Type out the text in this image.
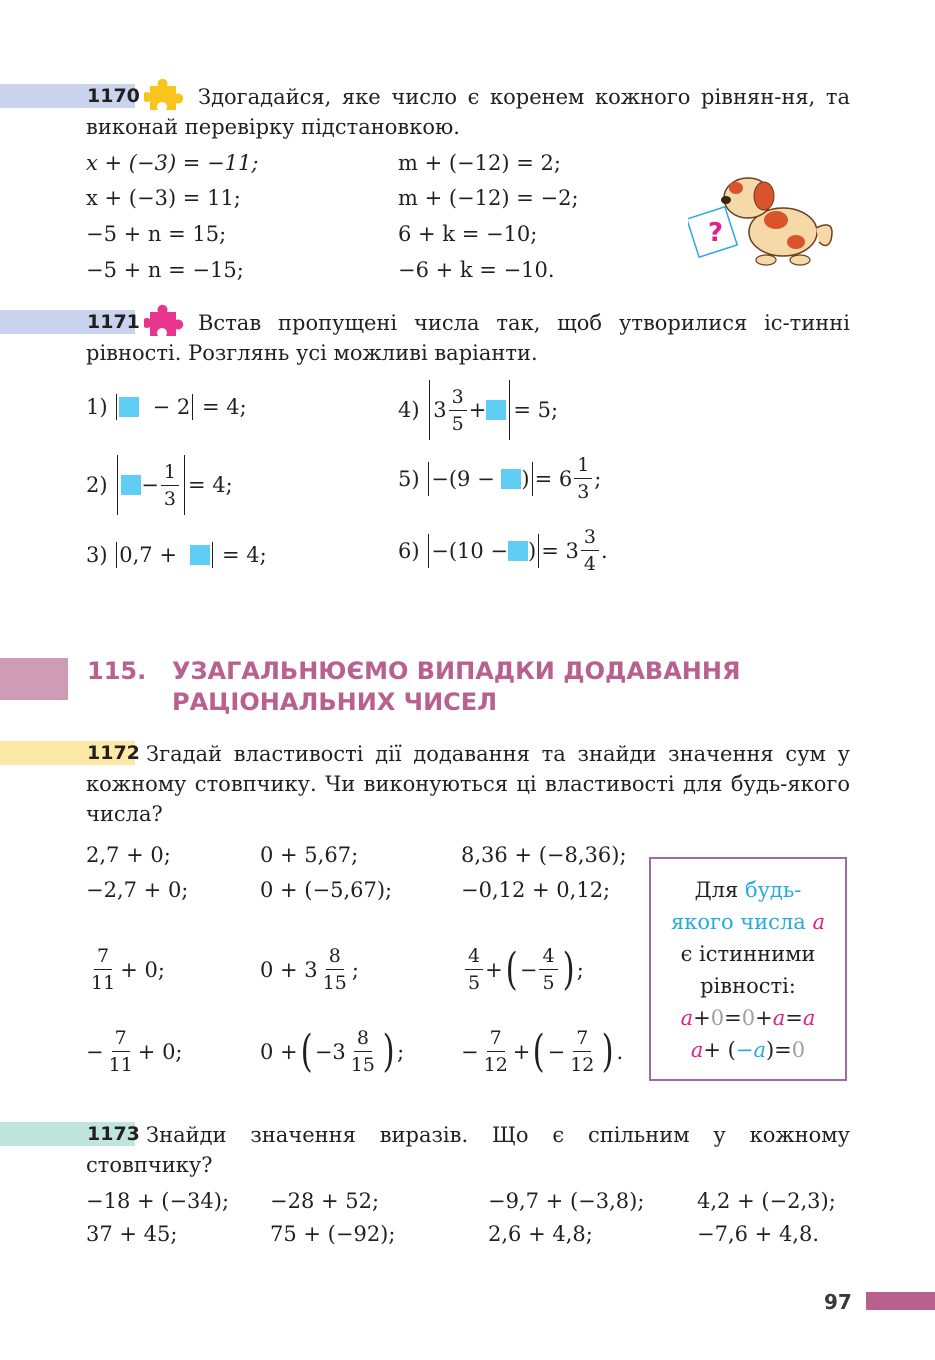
1170	Здогадайся, яке число є коренем кожного рівнян-ня, та виконай перевірку підстановкою.
x + (−3) = −11;	m + (−12) = 2;
x + (−3) = 11;	m + (−12) = −2;
−5 + n = 15;	6 + k = −10;
−5 + n = −15;	−6 + k = −10.
?
1171	Встав пропущені числа так, щоб утворилися іс-тинні рівності. Розглянь усі можливі варіанти.
1)

− 2
= 4;
2)
− $\frac{1}{3} = 4$;
3)
0,7 +

= 4;
4)
$3 \frac{3}{5}$ + = 5;
5)
−(9 −
) = $6 \frac{1}{3}$ ;
6)
−(10 − ) = $3 \frac{3}{4}$ .
115. УЗАГАЛЬНЮЄМО ВИПАДКИ ДОДАВАННЯ
РАЦІОНАЛЬНИХ ЧИСЕЛ
1172 Згадай властивості дії додавання та знайди значення сум у кожному стовпчику. Чи виконуються ці властивості для будь-якого числа?
2,7 + 0;	0 + 5,67;	8,36 + (−8,36);
−2,7 + 0;	0 + (−5,67);	−0,12 + 0,12;
$\frac{7}{11} + 0$;	$0 + 3 \frac{8}{15}$ ;	$\frac{4}{5}$ + ( − $\frac{4}{5}$ ) ;
− $\frac{7}{11} + 0$;	0 + ( $-3 \frac{8}{15}$ ) ;	− $\frac{7}{12}$ + ( − $\frac{7}{12}$ ) .
Для будь-
якого числа a
є істинними
рівності:
a+0=0+a=a
a+ (−a)=0
1173 Знайди значення виразів. Що є спільним у кожному стовпчику?
−18 + (−34); −28 + 52;	−9,7 + (−3,8);	4,2 + (−2,3);
37 + 45;	75 + (−92);	2,6 + 4,8;	−7,6 + 4,8.
97
